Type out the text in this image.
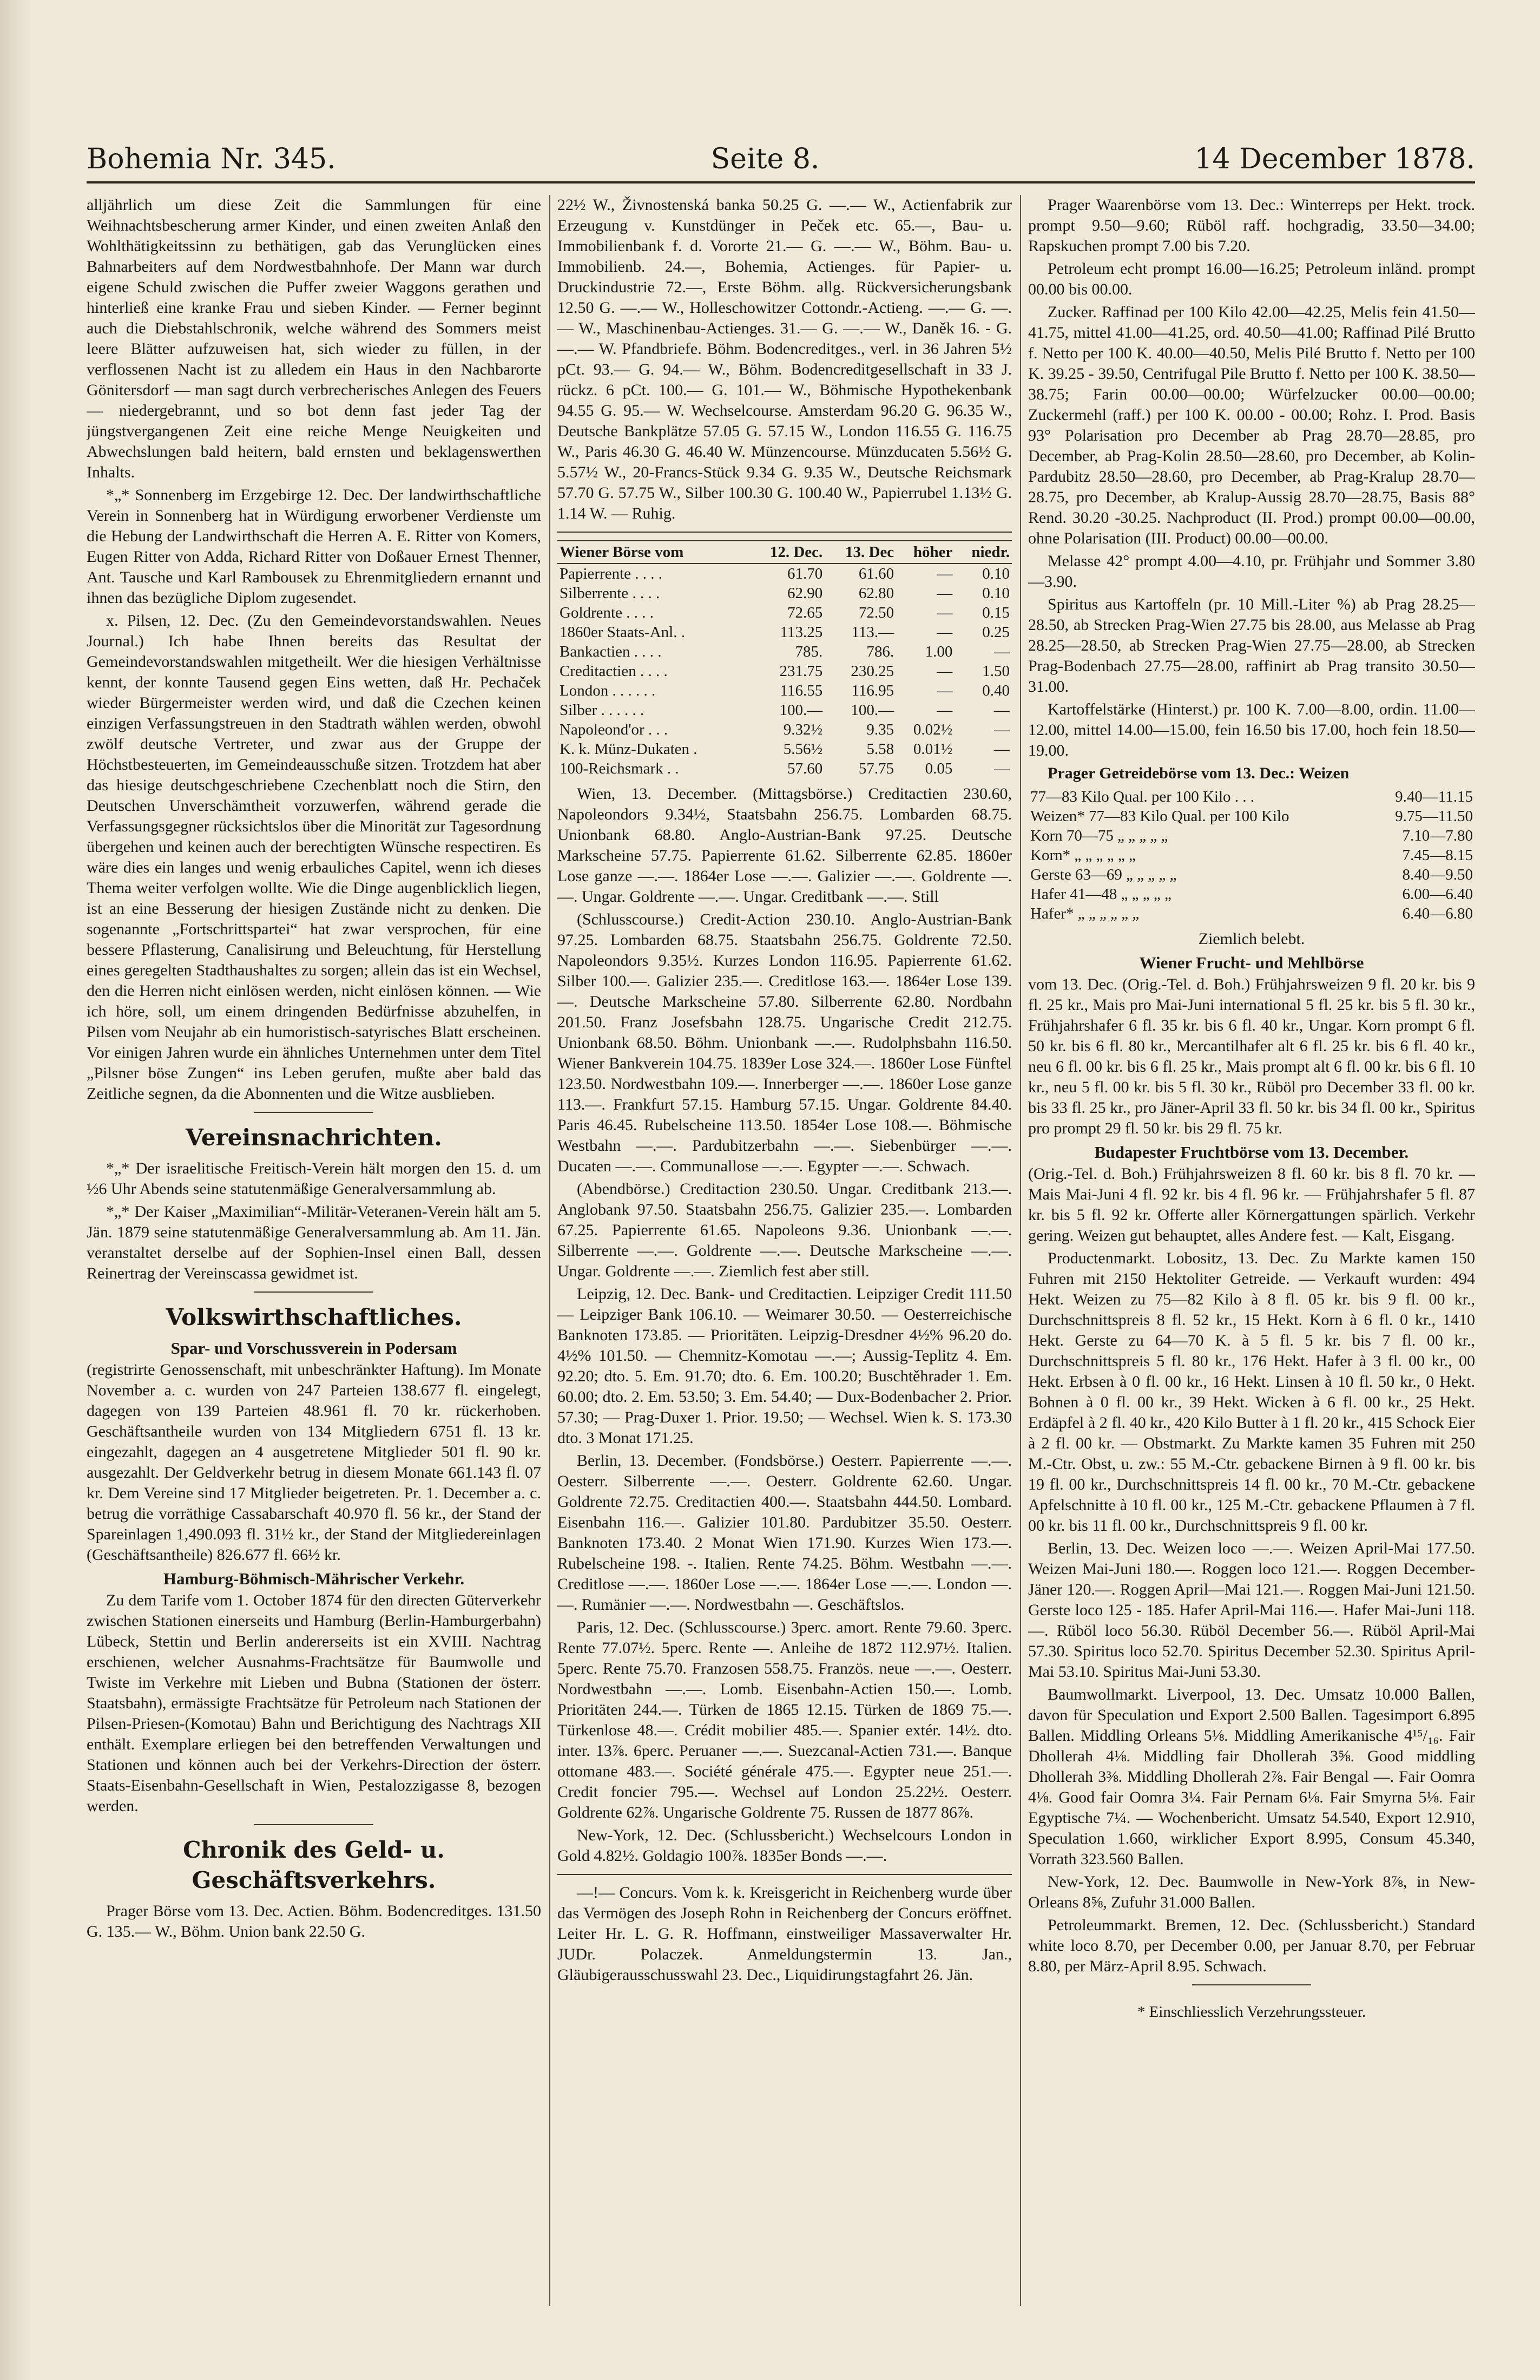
Bohemia Nr. 345.	Seite 8.	14 December 1878.

alljährlich um diese Zeit die Sammlungen für eine Weihnachtsbescherung armer Kinder, und einen zweiten Anlaß den Wohlthätigkeitssinn zu bethätigen, gab das Verunglücken eines Bahnarbeiters auf dem Nordwestbahnhofe. Der Mann war durch eigene Schuld zwischen die Puffer zweier Waggons gerathen und hinterließ eine kranke Frau und sieben Kinder. — Ferner beginnt auch die Diebstahlschronik, welche während des Sommers meist leere Blätter aufzuweisen hat, sich wieder zu füllen, in der verflossenen Nacht ist zu alledem ein Haus in den Nachbarorte Gönitersdorf — man sagt durch verbrecherisches Anlegen des Feuers — niedergebrannt, und so bot denn fast jeder Tag der jüngstvergangenen Zeit eine reiche Menge Neuigkeiten und Abwechslungen bald heitern, bald ernsten und beklagenswerthen Inhalts.

*„* Sonnenberg im Erzgebirge 12. Dec. Der landwirthschaftliche Verein in Sonnenberg hat in Würdigung erworbener Verdienste um die Hebung der Landwirthschaft die Herren A. E. Ritter von Komers, Eugen Ritter von Adda, Richard Ritter von Doßauer Ernest Thenner, Ant. Tausche und Karl Rambousek zu Ehrenmitgliedern ernannt und ihnen das bezügliche Diplom zugesendet.

x. Pilsen, 12. Dec. (Zu den Gemeindevorstandswahlen. Neues Journal.) Ich habe Ihnen bereits das Resultat der Gemeindevorstandswahlen mitgetheilt. Wer die hiesigen Verhältnisse kennt, der konnte Tausend gegen Eins wetten, daß Hr. Pechaček wieder Bürgermeister werden wird, und daß die Czechen keinen einzigen Verfassungstreuen in den Stadtrath wählen werden, obwohl zwölf deutsche Vertreter, und zwar aus der Gruppe der Höchstbesteuerten, im Gemeindeausschuße sitzen. Trotzdem hat aber das hiesige deutschgeschriebene Czechenblatt noch die Stirn, den Deutschen Unverschämtheit vorzuwerfen, während gerade die Verfassungsgegner rücksichtslos über die Minorität zur Tagesordnung übergehen und keinen auch der berechtigten Wünsche respectiren. Es wäre dies ein langes und wenig erbauliches Capitel, wenn ich dieses Thema weiter verfolgen wollte. Wie die Dinge augenblicklich liegen, ist an eine Besserung der hiesigen Zustände nicht zu denken. Die sogenannte „Fortschrittspartei“ hat zwar versprochen, für eine bessere Pflasterung, Canalisirung und Beleuchtung, für Herstellung eines geregelten Stadthaushaltes zu sorgen; allein das ist ein Wechsel, den die Herren nicht einlösen werden, nicht einlösen können. — Wie ich höre, soll, um einem dringenden Bedürfnisse abzuhelfen, in Pilsen vom Neujahr ab ein humoristisch-satyrisches Blatt erscheinen. Vor einigen Jahren wurde ein ähnliches Unternehmen unter dem Titel „Pilsner böse Zungen“ ins Leben gerufen, mußte aber bald das Zeitliche segnen, da die Abonnenten und die Witze ausblieben.

Vereinsnachrichten.

*„* Der israelitische Freitisch-Verein hält morgen den 15. d. um ½6 Uhr Abends seine statutenmäßige Generalversammlung ab.

*„* Der Kaiser „Maximilian“-Militär-Veteranen-Verein hält am 5. Jän. 1879 seine statutenmäßige Generalversammlung ab. Am 11. Jän. veranstaltet derselbe auf der Sophien-Insel einen Ball, dessen Reinertrag der Vereinscassa gewidmet ist.

Volkswirthschaftliches.
Spar- und Vorschussverein in Podersam

(registrirte Genossenschaft, mit unbeschränkter Haftung). Im Monate November a. c. wurden von 247 Parteien 138.677 fl. eingelegt, dagegen von 139 Parteien 48.961 fl. 70 kr. rückerhoben. Geschäftsantheile wurden von 134 Mitgliedern 6751 fl. 13 kr. eingezahlt, dagegen an 4 ausgetretene Mitglieder 501 fl. 90 kr. ausgezahlt. Der Geldverkehr betrug in diesem Monate 661.143 fl. 07 kr. Dem Vereine sind 17 Mitglieder beigetreten. Pr. 1. December a. c. betrug die vorräthige Cassabarschaft 40.970 fl. 56 kr., der Stand der Spareinlagen 1,490.093 fl. 31½ kr., der Stand der Mitgliedereinlagen (Geschäftsantheile) 826.677 fl. 66½ kr.

Hamburg-Böhmisch-Mährischer Verkehr.

Zu dem Tarife vom 1. October 1874 für den directen Güterverkehr zwischen Stationen einerseits und Hamburg (Berlin-Hamburgerbahn) Lübeck, Stettin und Berlin andererseits ist ein XVIII. Nachtrag erschienen, welcher Ausnahms-Frachtsätze für Baumwolle und Twiste im Verkehre mit Lieben und Bubna (Stationen der österr. Staatsbahn), ermässigte Frachtsätze für Petroleum nach Stationen der Pilsen-Priesen-(Komotau) Bahn und Berichtigung des Nachtrags XII enthält. Exemplare erliegen bei den betreffenden Verwaltungen und Stationen und können auch bei der Verkehrs-Direction der österr. Staats-Eisenbahn-Gesellschaft in Wien, Pestalozzigasse 8, bezogen werden.

Chronik des Geld- u. Geschäftsverkehrs.

Prager Börse vom 13. Dec. Actien. Böhm. Bodencreditges. 131.50 G. 135.— W., Böhm. Union bank 22.50 G.

22½ W., Živnostenská banka 50.25 G. —.— W., Actienfabrik zur Erzeugung v. Kunstdünger in Peček etc. 65.—, Bau- u. Immobilienbank f. d. Vororte 21.— G. —.— W., Böhm. Bau- u. Immobilienb. 24.—, Bohemia, Actienges. für Papier- u. Druckindustrie 72.—, Erste Böhm. allg. Rückversicherungsbank 12.50 G. —.— W., Holleschowitzer Cottondr.-Actieng. —.— G. —.— W., Maschinenbau-Actienges. 31.— G. —.— W., Daněk 16. - G. —.— W. Pfandbriefe. Böhm. Bodencreditges., verl. in 36 Jahren 5½ pCt. 93.— G. 94.— W., Böhm. Bodencreditgesellschaft in 33 J. rückz. 6 pCt. 100.— G. 101.— W., Böhmische Hypothekenbank 94.55 G. 95.— W. Wechselcourse. Amsterdam 96.20 G. 96.35 W., Deutsche Bankplätze 57.05 G. 57.15 W., London 116.55 G. 116.75 W., Paris 46.30 G. 46.40 W. Münzencourse. Münzducaten 5.56½ G. 5.57½ W., 20-Francs-Stück 9.34 G. 9.35 W., Deutsche Reichsmark 57.70 G. 57.75 W., Silber 100.30 G. 100.40 W., Papierrubel 1.13½ G. 1.14 W. — Ruhig.

Wiener Börse vom	12. Dec.	13. Dec	höher	niedr.
Papierrente . . . .	61.70	61.60	—	0.10
Silberrente . . . .	62.90	62.80	—	0.10
Goldrente . . . .	72.65	72.50	—	0.15
1860er Staats-Anl. .	113.25	113.—	—	0.25
Bankactien . . . .	785.	786.	1.00	—
Creditactien . . . .	231.75	230.25	—	1.50
London . . . . . .	116.55	116.95	—	0.40
Silber . . . . . .	100.—	100.—	—	—
Napoleond'or . . .	9.32½	9.35	0.02½	—
K. k. Münz-Dukaten .	5.56½	5.58	0.01½	—
100-Reichsmark . .	57.60	57.75	0.05	—

Wien, 13. December. (Mittagsbörse.) Creditactien 230.60, Napoleondors 9.34½, Staatsbahn 256.75. Lombarden 68.75. Unionbank 68.80. Anglo-Austrian-Bank 97.25. Deutsche Markscheine 57.75. Papierrente 61.62. Silberrente 62.85. 1860er Lose ganze —.—. 1864er Lose —.—. Galizier —.—. Goldrente —.—. Ungar. Goldrente —.—. Ungar. Creditbank —.—. Still

(Schlusscourse.) Credit-Action 230.10. Anglo-Austrian-Bank 97.25. Lombarden 68.75. Staatsbahn 256.75. Goldrente 72.50. Napoleondors 9.35½. Kurzes London 116.95. Papierrente 61.62. Silber 100.—. Galizier 235.—. Creditlose 163.—. 1864er Lose 139.—. Deutsche Markscheine 57.80. Silberrente 62.80. Nordbahn 201.50. Franz Josefsbahn 128.75. Ungarische Credit 212.75. Unionbank 68.50. Böhm. Unionbank —.—. Rudolphsbahn 116.50. Wiener Bankverein 104.75. 1839er Lose 324.—. 1860er Lose Fünftel 123.50. Nordwestbahn 109.—. Innerberger —.—. 1860er Lose ganze 113.—. Frankfurt 57.15. Hamburg 57.15. Ungar. Goldrente 84.40. Paris 46.45. Rubelscheine 113.50. 1854er Lose 108.—. Böhmische Westbahn —.—. Pardubitzerbahn —.—. Siebenbürger —.—. Ducaten —.—. Communallose —.—. Egypter —.—. Schwach.

(Abendbörse.) Creditaction 230.50. Ungar. Creditbank 213.—. Anglobank 97.50. Staatsbahn 256.75. Galizier 235.—. Lombarden 67.25. Papierrente 61.65. Napoleons 9.36. Unionbank —.—. Silberrente —.—. Goldrente —.—. Deutsche Markscheine —.—. Ungar. Goldrente —.—. Ziemlich fest aber still.

Leipzig, 12. Dec. Bank- und Creditactien. Leipziger Credit 111.50 — Leipziger Bank 106.10. — Weimarer 30.50. — Oesterreichische Banknoten 173.85. — Prioritäten. Leipzig-Dresdner 4½% 96.20 do. 4½% 101.50. — Chemnitz-Komotau —.—; Aussig-Teplitz 4. Em. 92.20; dto. 5. Em. 91.70; dto. 6. Em. 100.20; Buschtěhrader 1. Em. 60.00; dto. 2. Em. 53.50; 3. Em. 54.40; — Dux-Bodenbacher 2. Prior. 57.30; — Prag-Duxer 1. Prior. 19.50; — Wechsel. Wien k. S. 173.30 dto. 3 Monat 171.25.

Berlin, 13. December. (Fondsbörse.) Oesterr. Papierrente —.—. Oesterr. Silberrente —.—. Oesterr. Goldrente 62.60. Ungar. Goldrente 72.75. Creditactien 400.—. Staatsbahn 444.50. Lombard. Eisenbahn 116.—. Galizier 101.80. Pardubitzer 35.50. Oesterr. Banknoten 173.40. 2 Monat Wien 171.90. Kurzes Wien 173.—. Rubelscheine 198. -. Italien. Rente 74.25. Böhm. Westbahn —.—. Creditlose —.—. 1860er Lose —.—. 1864er Lose —.—. London —.—. Rumänier —.—. Nordwestbahn —. Geschäftslos.

Paris, 12. Dec. (Schlusscourse.) 3perc. amort. Rente 79.60. 3perc. Rente 77.07½. 5perc. Rente —. Anleihe de 1872 112.97½. Italien. 5perc. Rente 75.70. Franzosen 558.75. Französ. neue —.—. Oesterr. Nordwestbahn —.—. Lomb. Eisenbahn-Actien 150.—. Lomb. Prioritäten 244.—. Türken de 1865 12.15. Türken de 1869 75.—. Türkenlose 48.—. Crédit mobilier 485.—. Spanier extér. 14½. dto. inter. 13⅞. 6perc. Peruaner —.—. Suezcanal-Actien 731.—. Banque ottomane 483.—. Société générale 475.—. Egypter neue 251.—. Credit foncier 795.—. Wechsel auf London 25.22½. Oesterr. Goldrente 62⅞. Ungarische Goldrente 75. Russen de 1877 86⅞.

New-York, 12. Dec. (Schlussbericht.) Wechselcours London in Gold 4.82½. Goldagio 100⅞. 1835er Bonds —.—.

—!— Concurs. Vom k. k. Kreisgericht in Reichenberg wurde über das Vermögen des Joseph Rohn in Reichenberg der Concurs eröffnet. Leiter Hr. L. G. R. Hoffmann, einstweiliger Massaverwalter Hr. JUDr. Polaczek. Anmeldungstermin 13. Jan., Gläubigerausschusswahl 23. Dec., Liquidirungstagfahrt 26. Jän.

Prager Waarenbörse vom 13. Dec.: Winterreps per Hekt. trock. prompt 9.50—9.60; Rüböl raff. hochgradig, 33.50—34.00; Rapskuchen prompt 7.00 bis 7.20.

Petroleum echt prompt 16.00—16.25; Petroleum inländ. prompt 00.00 bis 00.00.

Zucker. Raffinad per 100 Kilo 42.00—42.25, Melis fein 41.50—41.75, mittel 41.00—41.25, ord. 40.50—41.00; Raffinad Pilé Brutto f. Netto per 100 K. 40.00—40.50, Melis Pilé Brutto f. Netto per 100 K. 39.25 - 39.50, Centrifugal Pile Brutto f. Netto per 100 K. 38.50—38.75; Farin 00.00—00.00; Würfelzucker 00.00—00.00; Zuckermehl (raff.) per 100 K. 00.00 - 00.00; Rohz. I. Prod. Basis 93° Polarisation pro December ab Prag 28.70—28.85, pro December, ab Prag-Kolin 28.50—28.60, pro December, ab Kolin-Pardubitz 28.50—28.60, pro December, ab Prag-Kralup 28.70—28.75, pro December, ab Kralup-Aussig 28.70—28.75, Basis 88° Rend. 30.20 -30.25. Nachproduct (II. Prod.) prompt 00.00—00.00, ohne Polarisation (III. Product) 00.00—00.00.

Melasse 42° prompt 4.00—4.10, pr. Frühjahr und Sommer 3.80—3.90.

Spiritus aus Kartoffeln (pr. 10 Mill.-Liter %) ab Prag 28.25—28.50, ab Strecken Prag-Wien 27.75 bis 28.00, aus Melasse ab Prag 28.25—28.50, ab Strecken Prag-Wien 27.75—28.00, ab Strecken Prag-Bodenbach 27.75—28.00, raffinirt ab Prag transito 30.50—31.00.

Kartoffelstärke (Hinterst.) pr. 100 K. 7.00—8.00, ordin. 11.00—12.00, mittel 14.00—15.00, fein 16.50 bis 17.00, hoch fein 18.50—19.00.

Prager Getreidebörse vom 13. Dec.: Weizen

77—83 Kilo Qual. per 100 Kilo . . .	9.40—11.15
Weizen* 77—83 Kilo Qual. per 100 Kilo	9.75—11.50
Korn 70—75 „ „ „ „ „	7.10—7.80
Korn* „ „ „ „ „ „	7.45—8.15
Gerste 63—69 „ „ „ „ „	8.40—9.50
Hafer 41—48 „ „ „ „ „	6.00—6.40
Hafer* „ „ „ „ „ „	6.40—6.80

Ziemlich belebt.

Wiener Frucht- und Mehlbörse

vom 13. Dec. (Orig.-Tel. d. Boh.) Frühjahrsweizen 9 fl. 20 kr. bis 9 fl. 25 kr., Mais pro Mai-Juni international 5 fl. 25 kr. bis 5 fl. 30 kr., Frühjahrshafer 6 fl. 35 kr. bis 6 fl. 40 kr., Ungar. Korn prompt 6 fl. 50 kr. bis 6 fl. 80 kr., Mercantilhafer alt 6 fl. 25 kr. bis 6 fl. 40 kr., neu 6 fl. 00 kr. bis 6 fl. 25 kr., Mais prompt alt 6 fl. 00 kr. bis 6 fl. 10 kr., neu 5 fl. 00 kr. bis 5 fl. 30 kr., Rüböl pro December 33 fl. 00 kr. bis 33 fl. 25 kr., pro Jäner-April 33 fl. 50 kr. bis 34 fl. 00 kr., Spiritus pro prompt 29 fl. 50 kr. bis 29 fl. 75 kr.

Budapester Fruchtbörse vom 13. December.

(Orig.-Tel. d. Boh.) Frühjahrsweizen 8 fl. 60 kr. bis 8 fl. 70 kr. — Mais Mai-Juni 4 fl. 92 kr. bis 4 fl. 96 kr. — Frühjahrshafer 5 fl. 87 kr. bis 5 fl. 92 kr. Offerte aller Körnergattungen spärlich. Verkehr gering. Weizen gut behauptet, alles Andere fest. — Kalt, Eisgang.

Productenmarkt. Lobositz, 13. Dec. Zu Markte kamen 150 Fuhren mit 2150 Hektoliter Getreide. — Verkauft wurden: 494 Hekt. Weizen zu 75—82 Kilo à 8 fl. 05 kr. bis 9 fl. 00 kr., Durchschnittspreis 8 fl. 52 kr., 15 Hekt. Korn à 6 fl. 0 kr., 1410 Hekt. Gerste zu 64—70 K. à 5 fl. 5 kr. bis 7 fl. 00 kr., Durchschnittspreis 5 fl. 80 kr., 176 Hekt. Hafer à 3 fl. 00 kr., 00 Hekt. Erbsen à 0 fl. 00 kr., 16 Hekt. Linsen à 10 fl. 50 kr., 0 Hekt. Bohnen à 0 fl. 00 kr., 39 Hekt. Wicken à 6 fl. 00 kr., 25 Hekt. Erdäpfel à 2 fl. 40 kr., 420 Kilo Butter à 1 fl. 20 kr., 415 Schock Eier à 2 fl. 00 kr. — Obstmarkt. Zu Markte kamen 35 Fuhren mit 250 M.-Ctr. Obst, u. zw.: 55 M.-Ctr. gebackene Birnen à 9 fl. 00 kr. bis 19 fl. 00 kr., Durchschnittspreis 14 fl. 00 kr., 70 M.-Ctr. gebackene Apfelschnitte à 10 fl. 00 kr., 125 M.-Ctr. gebackene Pflaumen à 7 fl. 00 kr. bis 11 fl. 00 kr., Durchschnittspreis 9 fl. 00 kr.

Berlin, 13. Dec. Weizen loco —.—. Weizen April-Mai 177.50. Weizen Mai-Juni 180.—. Roggen loco 121.—. Roggen December-Jäner 120.—. Roggen April—Mai 121.—. Roggen Mai-Juni 121.50. Gerste loco 125 - 185. Hafer April-Mai 116.—. Hafer Mai-Juni 118.—. Rüböl loco 56.30. Rüböl December 56.—. Rüböl April-Mai 57.30. Spiritus loco 52.70. Spiritus December 52.30. Spiritus April-Mai 53.10. Spiritus Mai-Juni 53.30.

Baumwollmarkt. Liverpool, 13. Dec. Umsatz 10.000 Ballen, davon für Speculation und Export 2.500 Ballen. Tagesimport 6.895 Ballen. Middling Orleans 5⅛. Middling Amerikanische 4¹⁵/₁₆. Fair Dhollerah 4⅛. Middling fair Dhollerah 3⅝. Good middling Dhollerah 3⅜. Middling Dhollerah 2⅞. Fair Bengal —. Fair Oomra 4⅛. Good fair Oomra 3¼. Fair Pernam 6⅛. Fair Smyrna 5⅛. Fair Egyptische 7¼. — Wochenbericht. Umsatz 54.540, Export 12.910, Speculation 1.660, wirklicher Export 8.995, Consum 45.340, Vorrath 323.560 Ballen.

New-York, 12. Dec. Baumwolle in New-York 8⅞, in New-Orleans 8⅝, Zufuhr 31.000 Ballen.

Petroleummarkt. Bremen, 12. Dec. (Schlussbericht.) Standard white loco 8.70, per December 0.00, per Januar 8.70, per Februar 8.80, per März-April 8.95. Schwach.

* Einschliesslich Verzehrungssteuer.
